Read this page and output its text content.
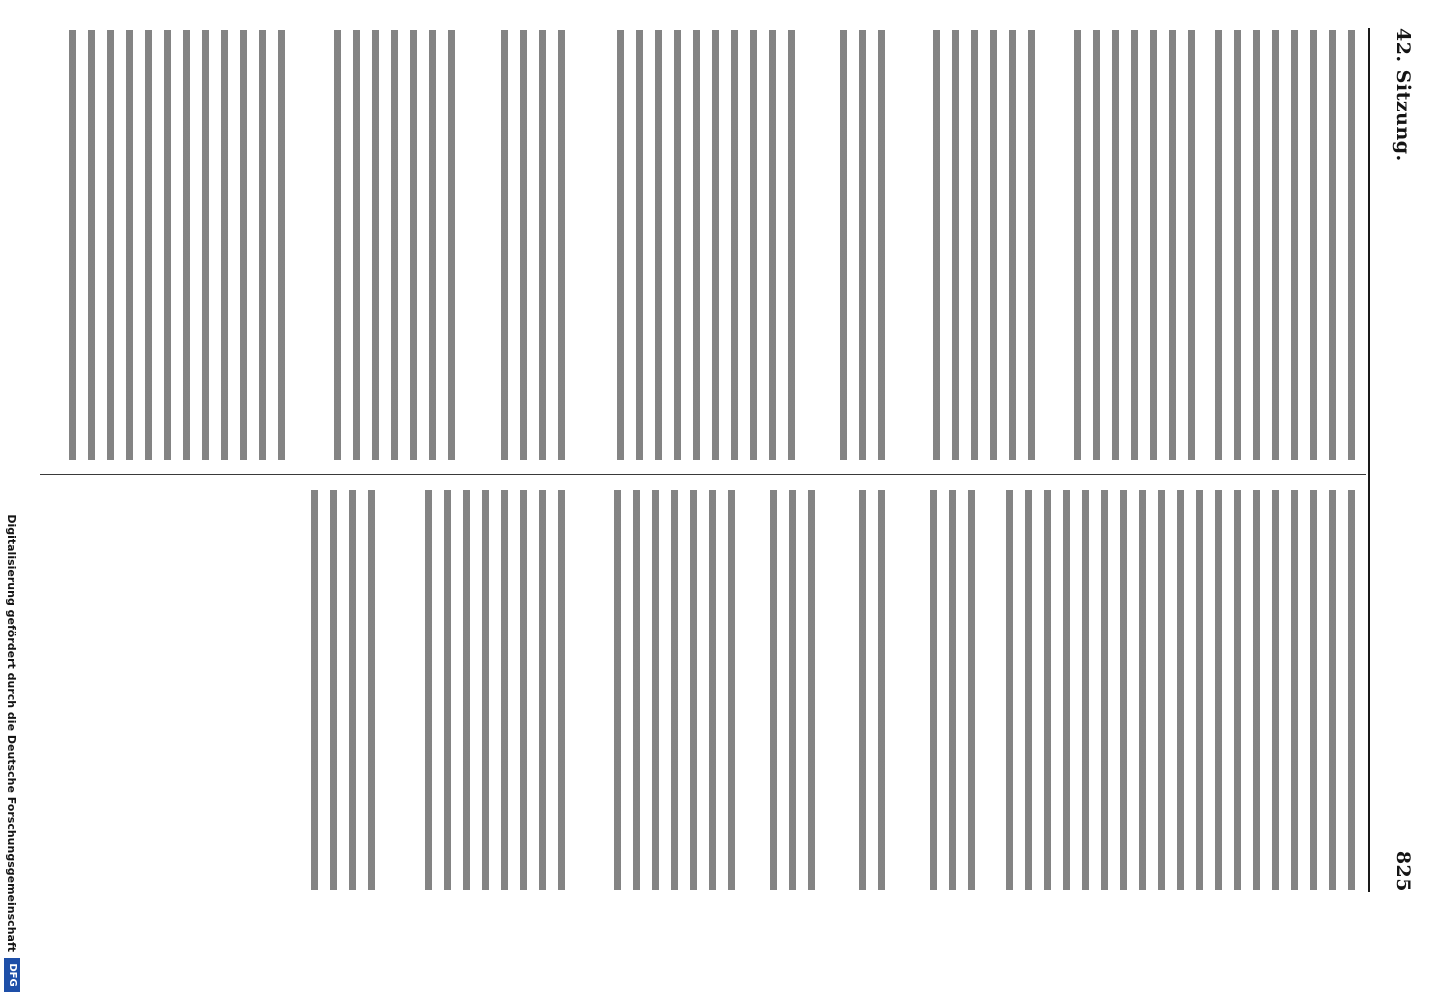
42. Sitzung.
825
Digitalisierung gefördert durch die Deutsche Forschungsgemeinschaft
DFG
